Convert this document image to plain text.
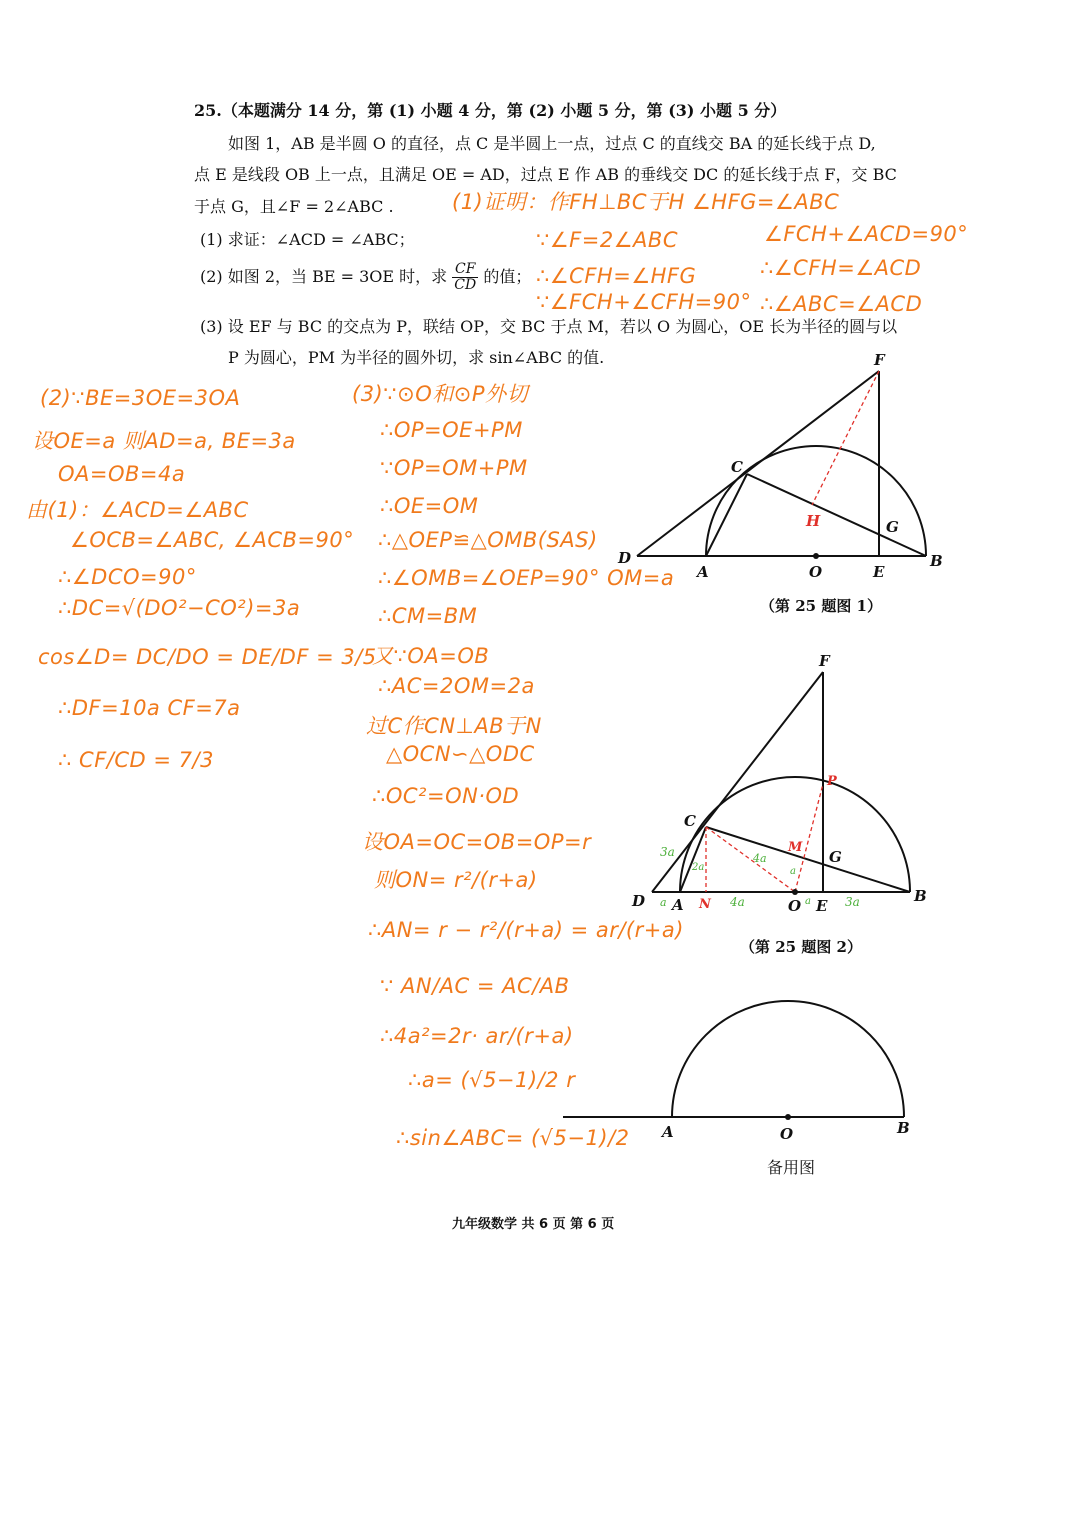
25.（本题满分 14 分，第 (1) 小题 4 分，第 (2) 小题 5 分，第 (3) 小题 5 分）
如图 1，AB 是半圆 O 的直径，点 C 是半圆上一点，过点 C 的直线交 BA 的延长线于点 D,
点 E 是线段 OB 上一点，且满足 OE = AD，过点 E 作 AB 的垂线交 DC 的延长线于点 F，交 BC
于点 G，且∠F = 2∠ABC .
(1) 求证：∠ACD = ∠ABC；
(2) 如图 2，当 BE = 3OE 时，求 $\frac{CF}{CD}$ 的值；
(3) 设 EF 与 BC 的交点为 P，联结 OP，交 BC 于点 M，若以 O 为圆心，OE 长为半径的圆与以
P 为圆心，PM 为半径的圆外切，求 sin∠ABC 的值.
(1)证明：作FH⊥BC于H ∠HFG=∠ABC
∵∠F=2∠ABC	∠FCH+∠ACD=90°
∴∠CFH=∠HFG	∴∠CFH=∠ACD
∵∠FCH+∠CFH=90° ∴∠ABC=∠ACD
(2)∵BE=3OE=3OA
设OE=a 则AD=a, BE=3a
OA=OB=4a
由(1)：∠ACD=∠ABC
∠OCB=∠ABC, ∠ACB=90°
∴∠DCO=90°
∴DC=√(DO²−CO²)=3a
cos∠D= DC/DO = DE/DF = 3/5
∴DF=10a CF=7a
∴ CF/CD = 7/3
(3)∵⊙O和⊙P外切
∴OP=OE+PM
∵OP=OM+PM
∴OE=OM
∴△OEP≌△OMB(SAS)
∴∠OMB=∠OEP=90° OM=a
∴CM=BM
又∵OA=OB
∴AC=2OM=2a
过C作CN⊥AB于N
△OCN∽△ODC
∴OC²=ON·OD
设OA=OC=OB=OP=r
则ON= r²/(r+a)
∴AN= r − r²/(r+a) = ar/(r+a)
∵ AN/AC = AC/AB
∴4a²=2r· ar/(r+a)
∴a= (√5−1)/2 r
∴sin∠ABC= (√5−1)/2
F
C
H	G
D
A	O	E
B
（第 25 题图 1）
F
P
C
M
G
D A N	O E
B
3a
2a
4a
a
a	4a	a	3a
（第 25 题图 2）
A	O	B
备用图
九年级数学 共 6 页 第 6 页
